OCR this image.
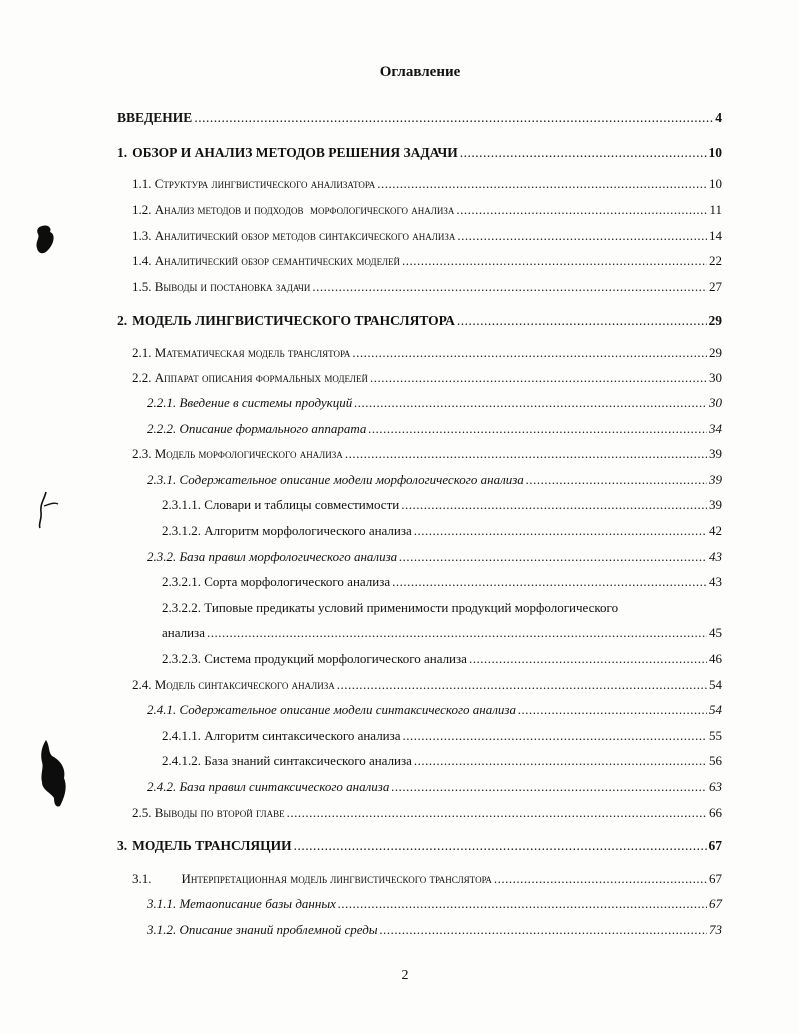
Оглавление
ВВЕДЕНИЕ .....	4
1. ОБЗОР И АНАЛИЗ МЕТОДОВ РЕШЕНИЯ ЗАДАЧИ .....	10
1.1. Структура лингвистического анализатора .....	10
1.2. Анализ методов и подходов  морфологического анализа .....	11
1.3. Аналитический обзор методов синтаксического анализа .....	14
1.4. Аналитический обзор семантических моделей .....	22
1.5. Выводы и постановка задачи .....	27
2. МОДЕЛЬ ЛИНГВИСТИЧЕСКОГО ТРАНСЛЯТОРА .....	29
2.1. Математическая модель транслятора .....	29
2.2. Аппарат описания формальных моделей .....	30
2.2.1. Введение в системы продукций .....	30
2.2.2. Описание формального аппарата .....	34
2.3. Модель морфологического анализа .....	39
2.3.1. Содержательное описание модели морфологического анализа .....	39
2.3.1.1. Словари и таблицы совместимости .....	39
2.3.1.2. Алгоритм морфологического анализа .....	42
2.3.2. База правил морфологического анализа .....	43
2.3.2.1. Сорта морфологического анализа .....	43
2.3.2.2. Типовые предикаты условий применимости продукций морфологического
анализа .....	45
2.3.2.3. Система продукций морфологического анализа .....	46
2.4. Модель синтаксического анализа .....	54
2.4.1. Содержательное описание модели синтаксического анализа .....	54
2.4.1.1. Алгоритм синтаксического анализа .....	55
2.4.1.2. База знаний синтаксического анализа .....	56
2.4.2. База правил синтаксического анализа .....	63
2.5. Выводы по второй главе .....	66
3. МОДЕЛЬ ТРАНСЛЯЦИИ .....	67
3.1. Интерпретационная модель лингвистического транслятора .....	67
3.1.1. Метаописание базы данных .....	67
3.1.2. Описание знаний проблемной среды .....	73
2
